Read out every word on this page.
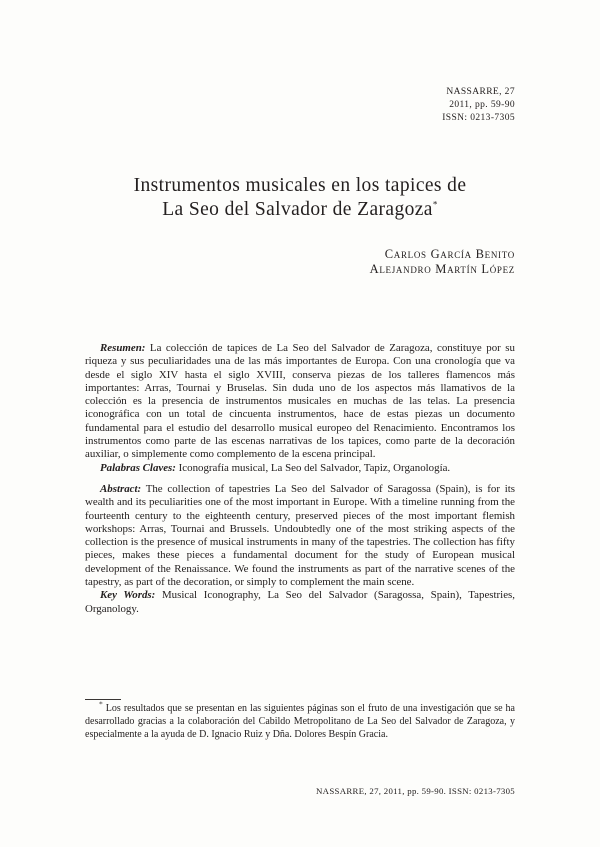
NASSARRE, 27
2011, pp. 59-90
ISSN: 0213-7305
Instrumentos musicales en los tapices de
La Seo del Salvador de Zaragoza*
Carlos García Benito
Alejandro Martín López

Resumen: La colección de tapices de La Seo del Salvador de Zaragoza, constituye por su riqueza y sus peculiaridades una de las más importantes de Europa. Con una cronología que va desde el siglo XIV hasta el siglo XVIII, conserva piezas de los talleres flamencos más importantes: Arras, Tournai y Bruselas. Sin duda uno de los aspectos más llamativos de la colección es la presencia de instrumentos musicales en muchas de las telas. La presencia iconográfica con un total de cincuenta instrumentos, hace de estas piezas un documento fundamental para el estudio del desarrollo musical europeo del Renacimiento. Encontramos los instrumentos como parte de las escenas narrativas de los tapices, como parte de la decoración auxiliar, o simplemente como complemento de la escena principal.

Palabras Claves: Iconografía musical, La Seo del Salvador, Tapiz, Organología.

Abstract: The collection of tapestries La Seo del Salvador of Saragossa (Spain), is for its wealth and its peculiarities one of the most important in Europe. With a timeline running from the fourteenth century to the eighteenth century, preserved pieces of the most important flemish workshops: Arras, Tournai and Brussels. Undoubtedly one of the most striking aspects of the collection is the presence of musical instruments in many of the tapestries. The collection has fifty pieces, makes these pieces a fundamental document for the study of European musical development of the Renaissance. We found the instruments as part of the narrative scenes of the tapestry, as part of the decoration, or simply to complement the main scene.

Key Words: Musical Iconography, La Seo del Salvador (Saragossa, Spain), Tapestries, Organology.

* Los resultados que se presentan en las siguientes páginas son el fruto de una investigación que se ha desarrollado gracias a la colaboración del Cabildo Metropolitano de La Seo del Salvador de Zaragoza, y especialmente a la ayuda de D. Ignacio Ruiz y Dña. Dolores Bespín Gracia.

NASSARRE, 27, 2011, pp. 59-90. ISSN: 0213-7305
